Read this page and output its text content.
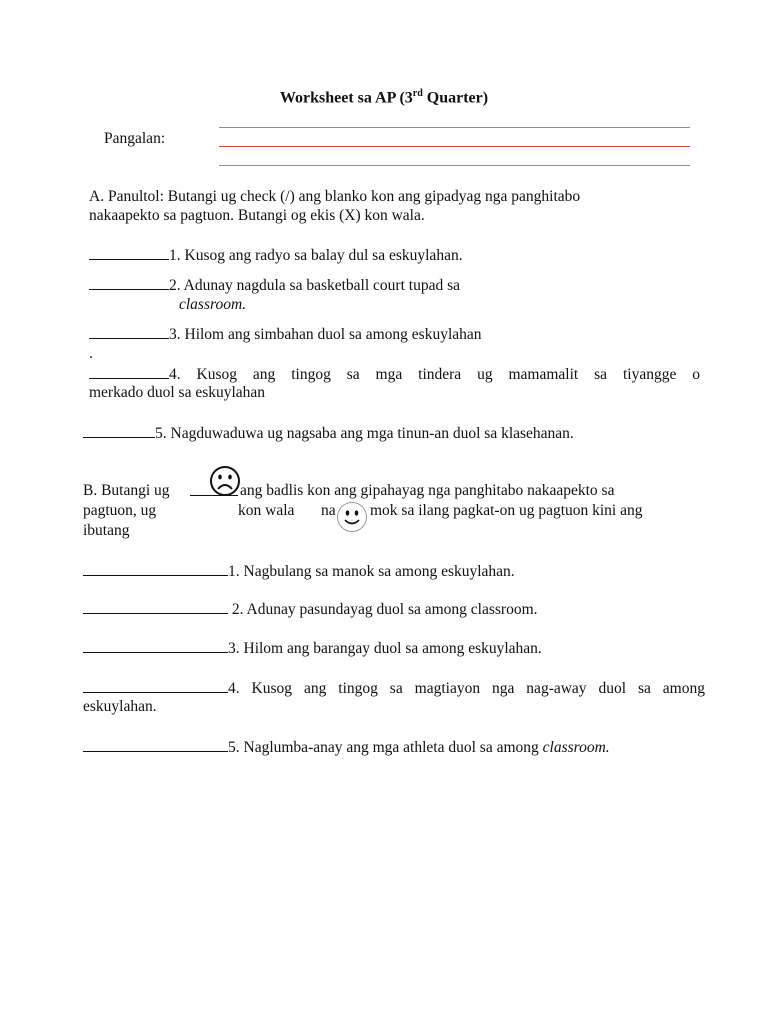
Worksheet sa AP (3rd Quarter)
Pangalan:
A. Panultol: Butangi ug check (/) ang blanko kon ang gipadyag nga panghitabo
nakaapekto sa pagtuon. Butangi og ekis (X) kon wala.
1. Kusog ang radyo sa balay dul sa eskuylahan.
2. Adunay nagdula sa basketball court tupad sa
classroom.
3. Hilom ang simbahan duol sa among eskuylahan
.
4. Kusog ang tingog sa mga tindera ug mamamalit sa tiyangge o
merkado duol sa eskuylahan
5. Nagduwaduwa ug nagsaba ang mga tinun-an duol sa klasehanan.
B. Butangi ug	ang badlis kon ang gipahayag nga panghitabo nakaapekto sa
pagtuon, ug	kon wala na mok sa ilang pagkat-on ug pagtuon kini ang
ibutang
1. Nagbulang sa manok sa among eskuylahan.
2. Adunay pasundayag duol sa among classroom.
3. Hilom ang barangay duol sa among eskuylahan.
4. Kusog ang tingog sa magtiayon nga nag-away duol sa among
eskuylahan.
5. Naglumba-anay ang mga athleta duol sa among classroom.
